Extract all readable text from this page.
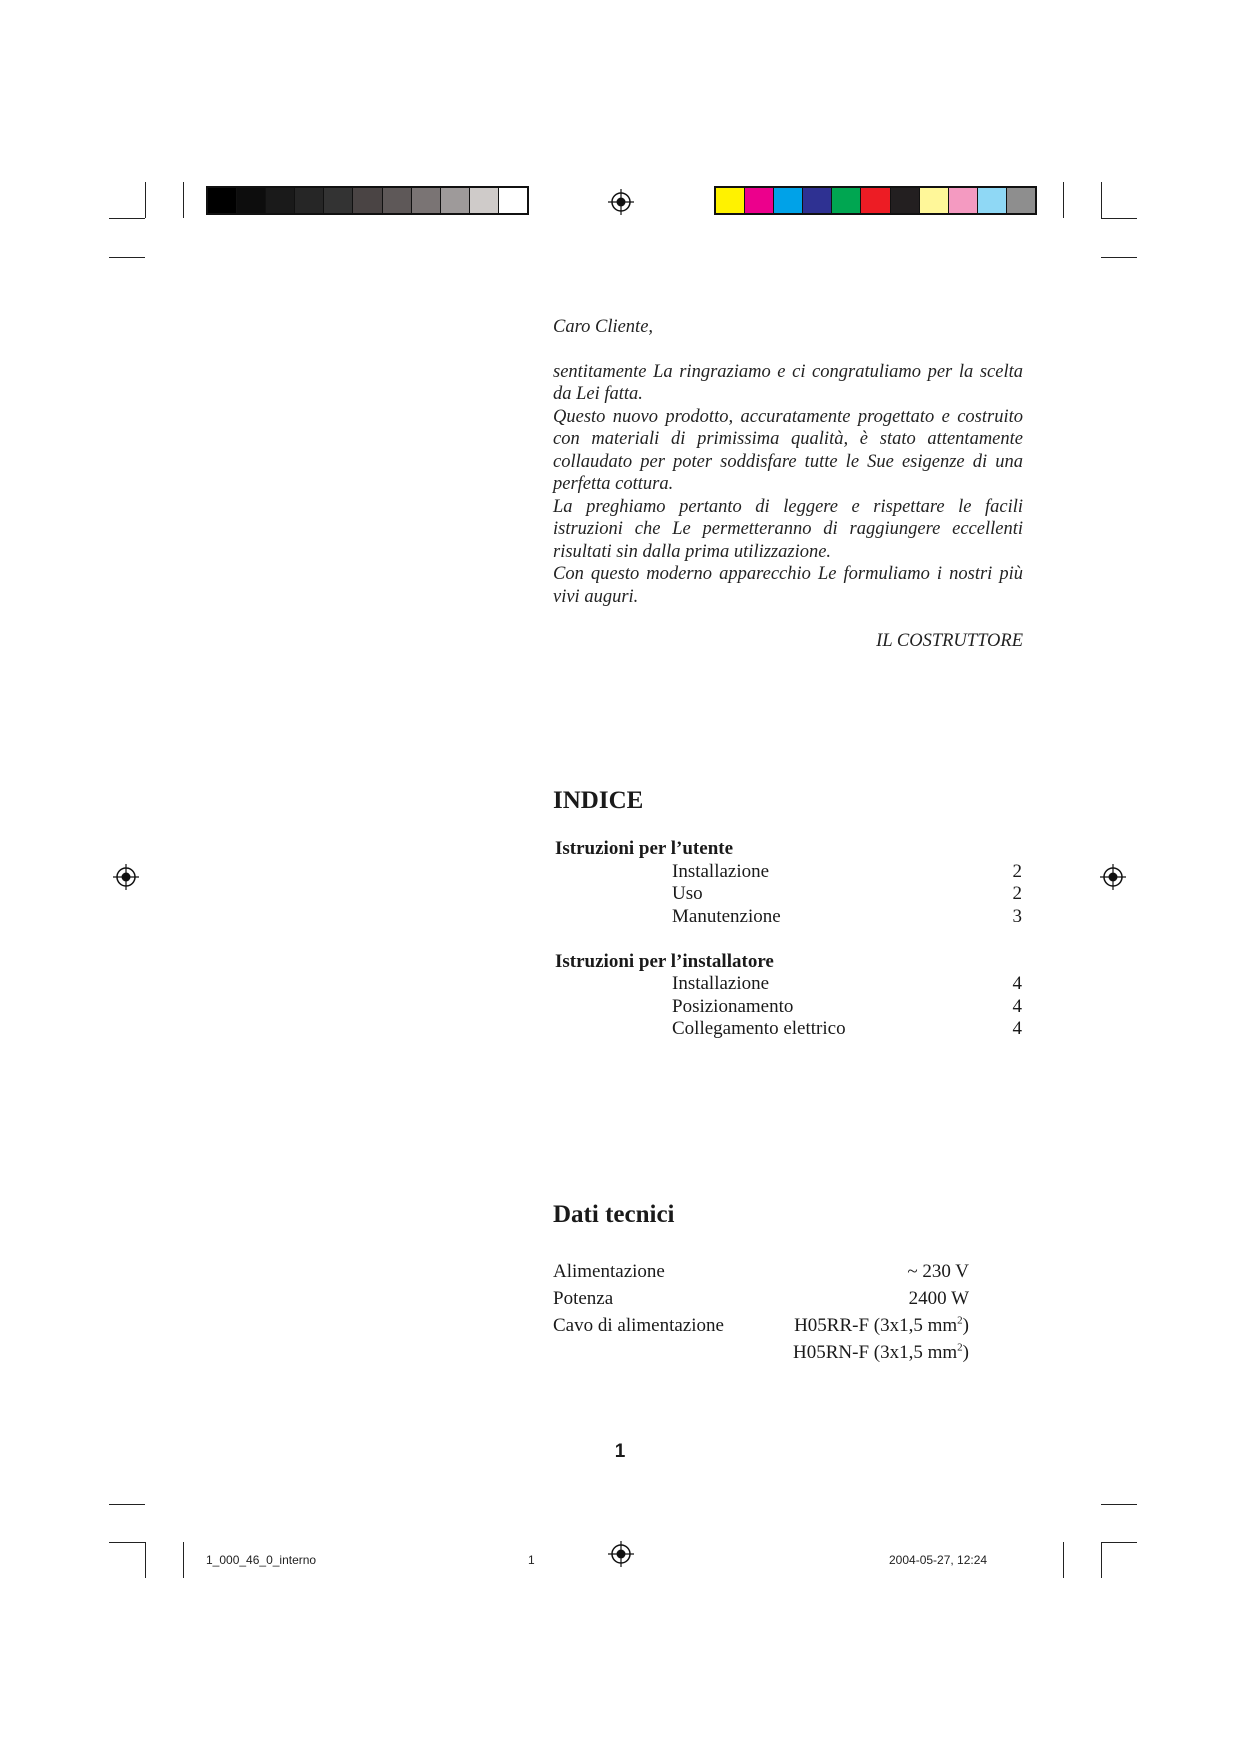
Caro Cliente,

sentitamente La ringraziamo e ci congratuliamo per la scelta da Lei fatta.

Questo nuovo prodotto, accuratamente progettato e costruito con materiali di primissima qualità, è stato attentamente collaudato per poter soddisfare tutte le Sue esigenze di una perfetta cottura.

La preghiamo pertanto di leggere e rispettare le facili istruzioni che Le permetteranno di raggiungere eccellenti risultati sin dalla prima utilizzazione.

Con questo moderno apparecchio Le formuliamo i nostri più vivi auguri.

IL COSTRUTTORE

INDICE
Istruzioni per l’utente
Installazione	2
Uso	2
Manutenzione	3
Istruzioni per l’installatore
Installazione	4
Posizionamento	4
Collegamento elettrico	4
Dati tecnici
Alimentazione	~ 230 V
Potenza	2400 W
Cavo di alimentazione	H05RR-F (3x1,5 $mm^2$)
H05RN-F (3x1,5 $mm^2$)
1
1_000_46_0_interno	1	2004-05-27, 12:24
